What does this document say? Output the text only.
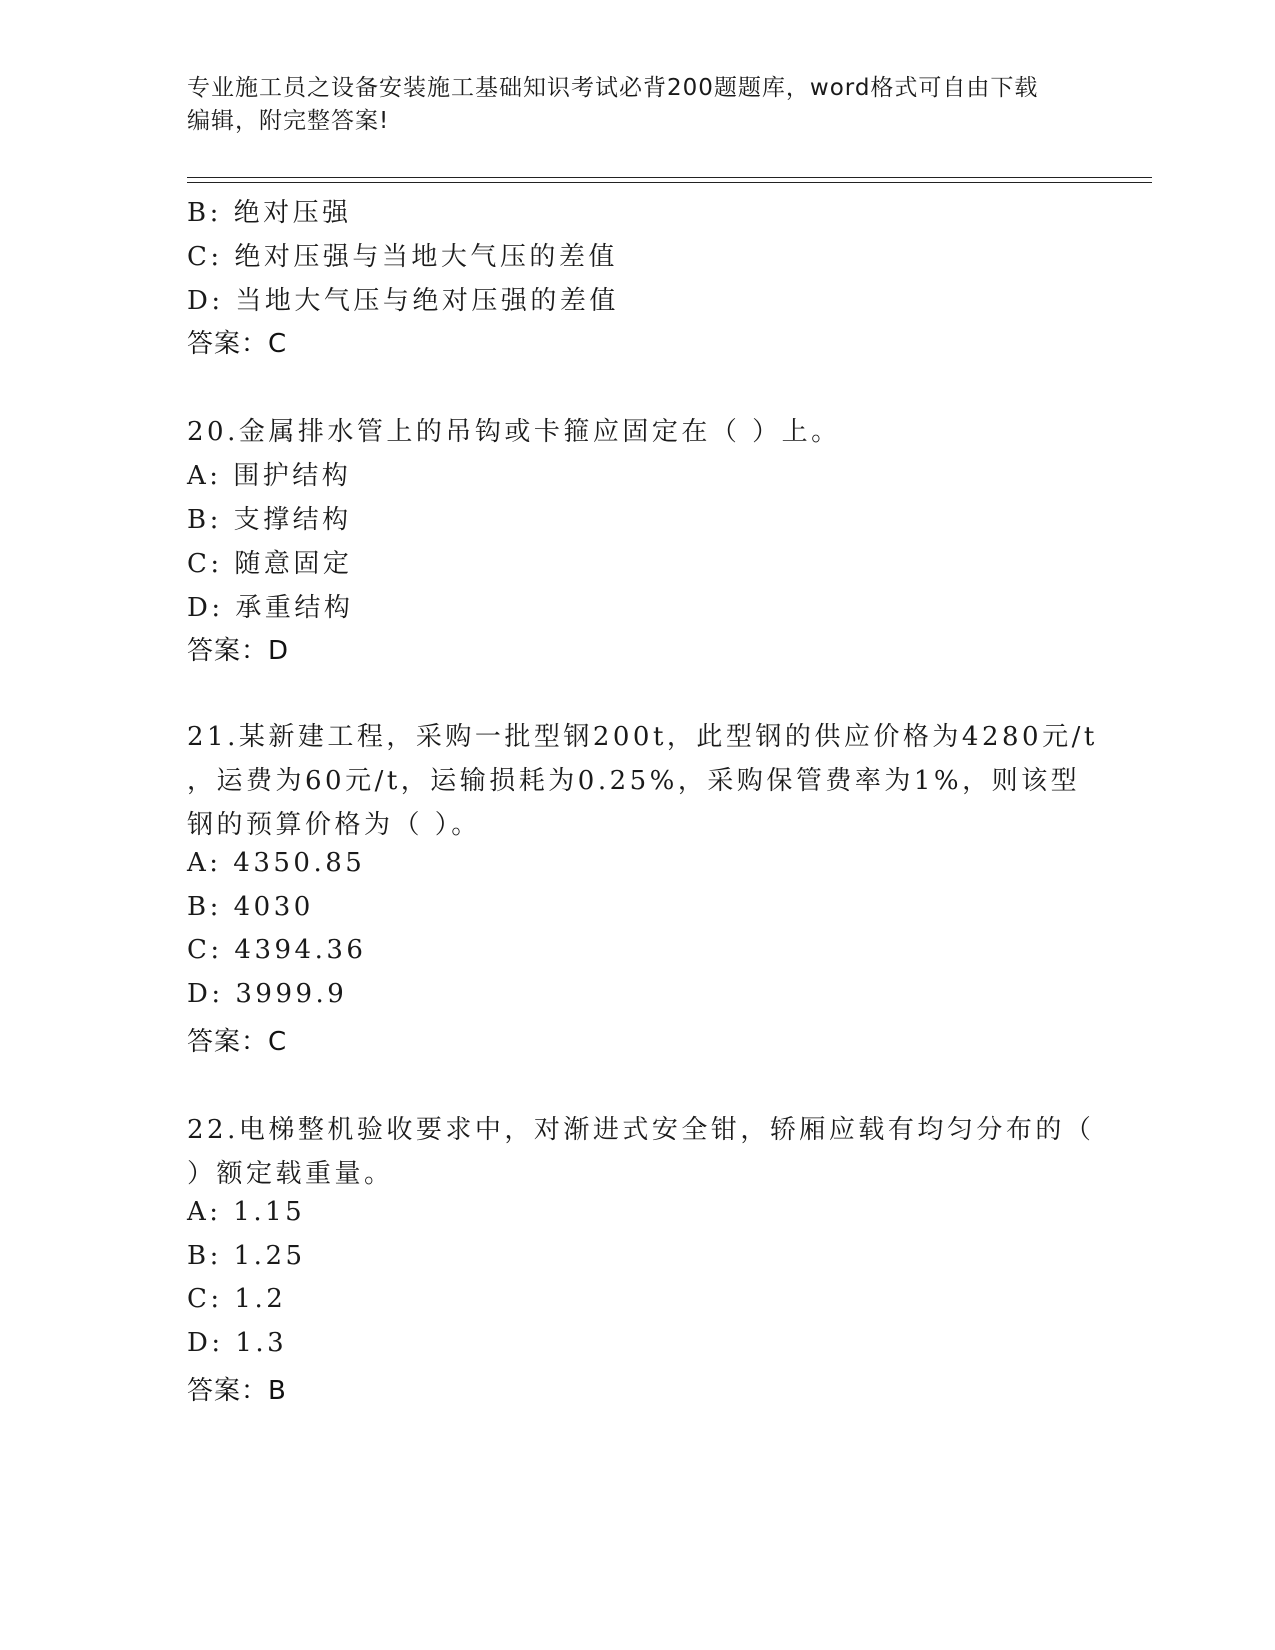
专业施工员之设备安装施工基础知识考试必背200题题库，word格式可自由下载
编辑，附完整答案!
B: 绝对压强
C: 绝对压强与当地大气压的差值
D: 当地大气压与绝对压强的差值
答案：C
20.金属排水管上的吊钩或卡箍应固定在（ ）上。
A: 围护结构
B: 支撑结构
C: 随意固定
D: 承重结构
答案：D
21.某新建工程，采购一批型钢200t，此型钢的供应价格为4280元/t
，运费为60元/t，运输损耗为0.25%，采购保管费率为1%，则该型
钢的预算价格为（ ）。
A: 4350.85
B: 4030
C: 4394.36
D: 3999.9
答案：C
22.电梯整机验收要求中，对渐进式安全钳，轿厢应载有均匀分布的（
）额定载重量。
A: 1.15
B: 1.25
C: 1.2
D: 1.3
答案：B
